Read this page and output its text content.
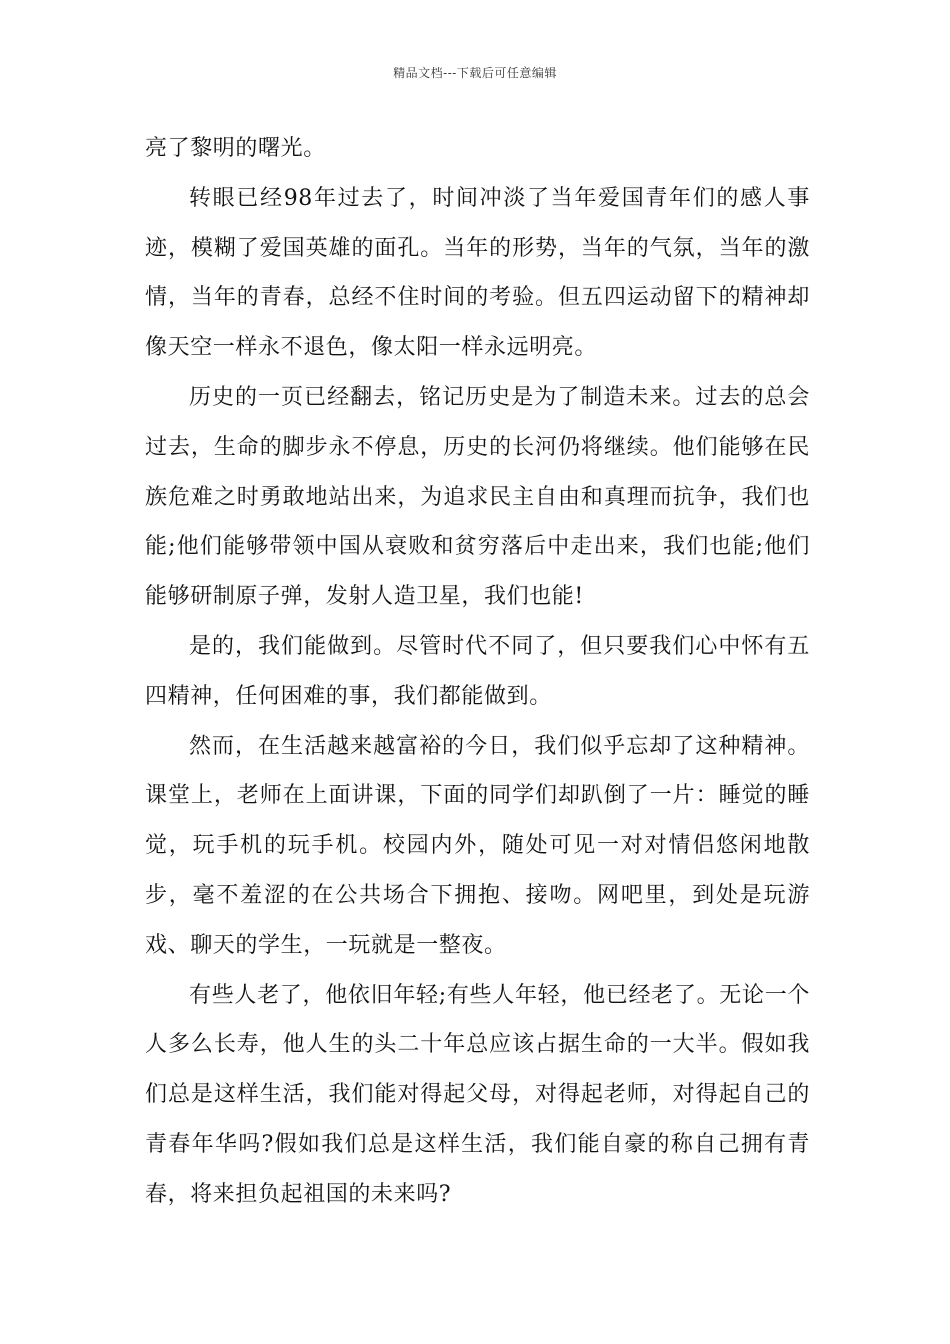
精品文档---下载后可任意编辑

亮了黎明的曙光。

转眼已经98年过去了，时间冲淡了当年爱国青年们的感人事迹，模糊了爱国英雄的面孔。当年的形势，当年的气氛，当年的激情，当年的青春，总经不住时间的考验。但五四运动留下的精神却像天空一样永不退色，像太阳一样永远明亮。

历史的一页已经翻去，铭记历史是为了制造未来。过去的总会过去，生命的脚步永不停息，历史的长河仍将继续。他们能够在民族危难之时勇敢地站出来，为追求民主自由和真理而抗争，我们也能;他们能够带领中国从衰败和贫穷落后中走出来，我们也能;他们能够研制原子弹，发射人造卫星，我们也能!

是的，我们能做到。尽管时代不同了，但只要我们心中怀有五四精神，任何困难的事，我们都能做到。

然而，在生活越来越富裕的今日，我们似乎忘却了这种精神。课堂上，老师在上面讲课，下面的同学们却趴倒了一片：睡觉的睡觉，玩手机的玩手机。校园内外，随处可见一对对情侣悠闲地散步，毫不羞涩的在公共场合下拥抱、接吻。网吧里，到处是玩游戏、聊天的学生，一玩就是一整夜。

有些人老了，他依旧年轻;有些人年轻，他已经老了。无论一个人多么长寿，他人生的头二十年总应该占据生命的一大半。假如我们总是这样生活，我们能对得起父母，对得起老师，对得起自己的青春年华吗?假如我们总是这样生活，我们能自豪的称自己拥有青春，将来担负起祖国的未来吗?
